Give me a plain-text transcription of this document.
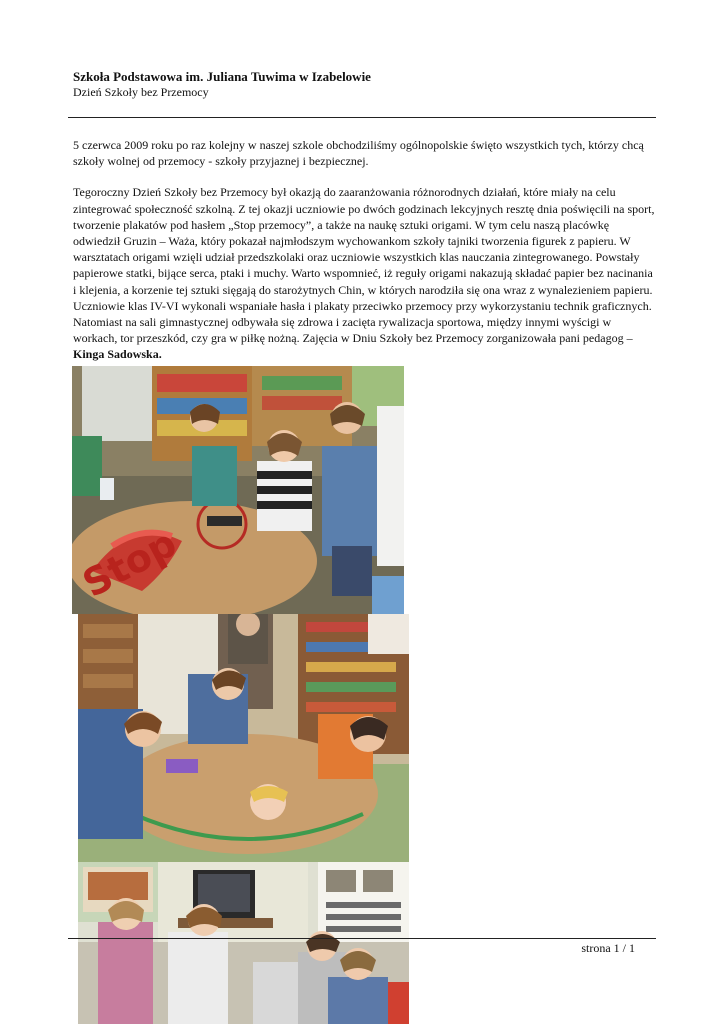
Szkoła Podstawowa im. Juliana Tuwima w Izabelowie
Dzień Szkoły bez Przemocy

5 czerwca 2009 roku po raz kolejny w naszej szkole obchodziliśmy ogólnopolskie święto wszystkich tych, którzy chcą szkoły wolnej od przemocy - szkoły przyjaznej i bezpiecznej.

Tegoroczny Dzień Szkoły bez Przemocy był okazją do zaaranżowania różnorodnych działań, które miały na celu zintegrować społeczność szkolną. Z tej okazji uczniowie po dwóch godzinach lekcyjnych resztę dnia poświęcili na sport, tworzenie plakatów pod hasłem „Stop przemocy”, a także na naukę sztuki origami. W tym celu naszą placówkę odwiedził Gruzin – Waża, który pokazał najmłodszym wychowankom szkoły tajniki tworzenia figurek z papieru. W warsztatach origami wzięli udział przedszkolaki oraz uczniowie wszystkich klas nauczania zintegrowanego. Powstały papierowe statki, bijące serca, ptaki i muchy. Warto wspomnieć, iż reguły origami nakazują składać papier bez nacinania i klejenia, a korzenie tej sztuki sięgają do starożytnych Chin, w których narodziła się ona wraz z wynalezieniem papieru. Uczniowie klas IV-VI wykonali wspaniałe hasła i plakaty przeciwko przemocy przy wykorzystaniu technik graficznych. Natomiast na sali gimnastycznej odbywała się zdrowa i zacięta rywalizacja sportowa, między innymi wyścigi w workach, tor przeszkód, czy gra w piłkę nożną. Zajęcia w Dniu Szkoły bez Przemocy zorganizowała pani pedagog – Kinga Sadowska.

Stop
strona 1 / 1
